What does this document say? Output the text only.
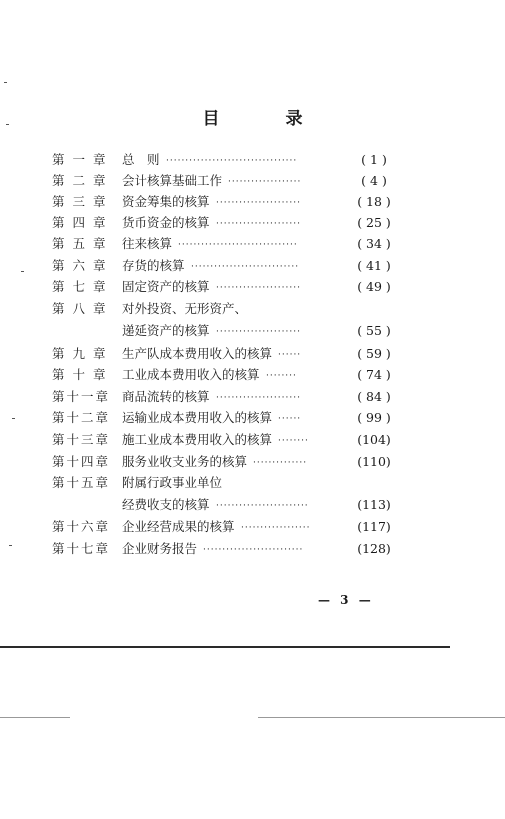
目 录
第 一 章	总　则 ··································	( 1 )
第 二 章	会计核算基础工作 ···················	( 4 )
第 三 章	资金筹集的核算 ······················	( 18 )
第 四 章	货币资金的核算 ······················	( 25 )
第 五 章	往来核算 ·······························	( 34 )
第 六 章	存货的核算 ····························	( 41 )
第 七 章	固定资产的核算 ······················	( 49 )
第 八 章	对外投资、无形资产、
递延资产的核算 ······················	( 55 )
第 九 章	生产队成本费用收入的核算 ······	( 59 )
第 十 章	工业成本费用收入的核算 ········	( 74 )
第十一章 商品流转的核算 ······················	( 84 )
第十二章 运输业成本费用收入的核算 ······	( 99 )
第十三章 施工业成本费用收入的核算 ········	(104)
第十四章 服务业收支业务的核算 ··············	(110)
第十五章 附属行政事业单位
经费收支的核算 ························	(113)
第十六章 企业经营成果的核算 ··················	(117)
第十七章 企业财务报告 ··························	(128)
— 3 —
